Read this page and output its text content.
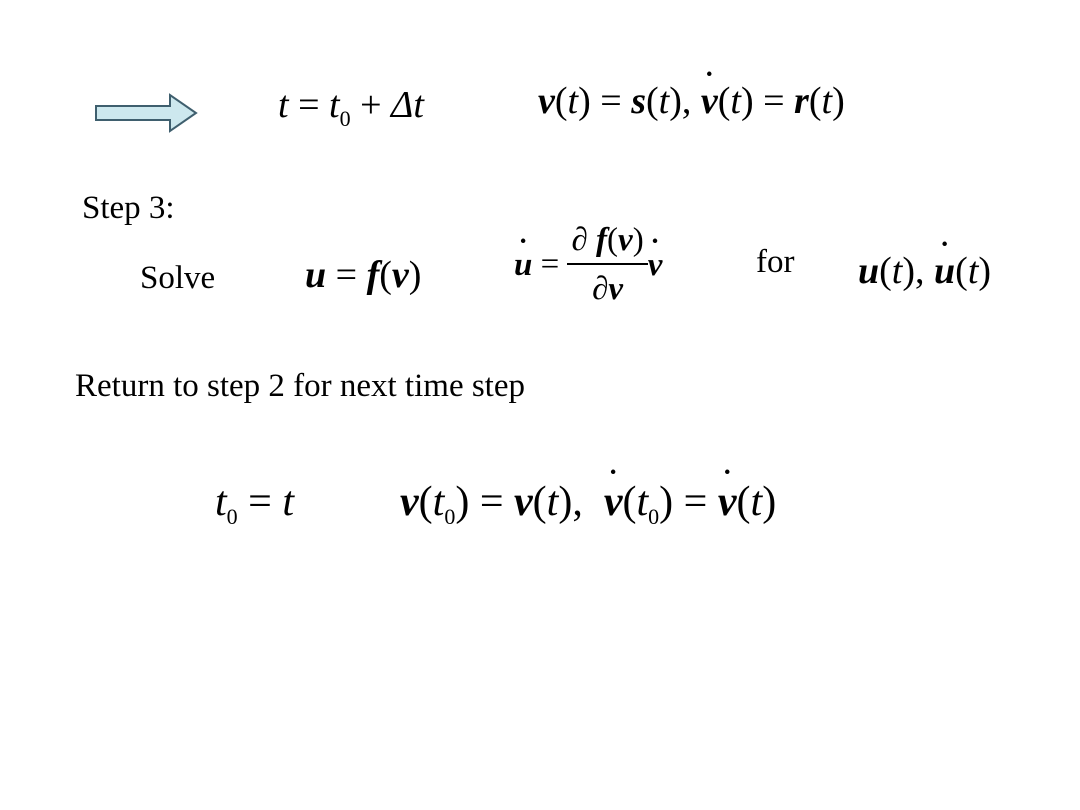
$t = t_0 + \Delta t$	v(t) = s(t), ˙ v(t) = r(t)
Step 3:
Solve u = f(v)	˙ $u = \frac{\partial f(v)}{\partial v}$ ˙ v	for u(t), ˙ u(t)
Return to step 2 for next time step
$t_0 = t$	$v(t_0) = v(t)$, ˙ $v(t_0)$ = ˙ v(t)
